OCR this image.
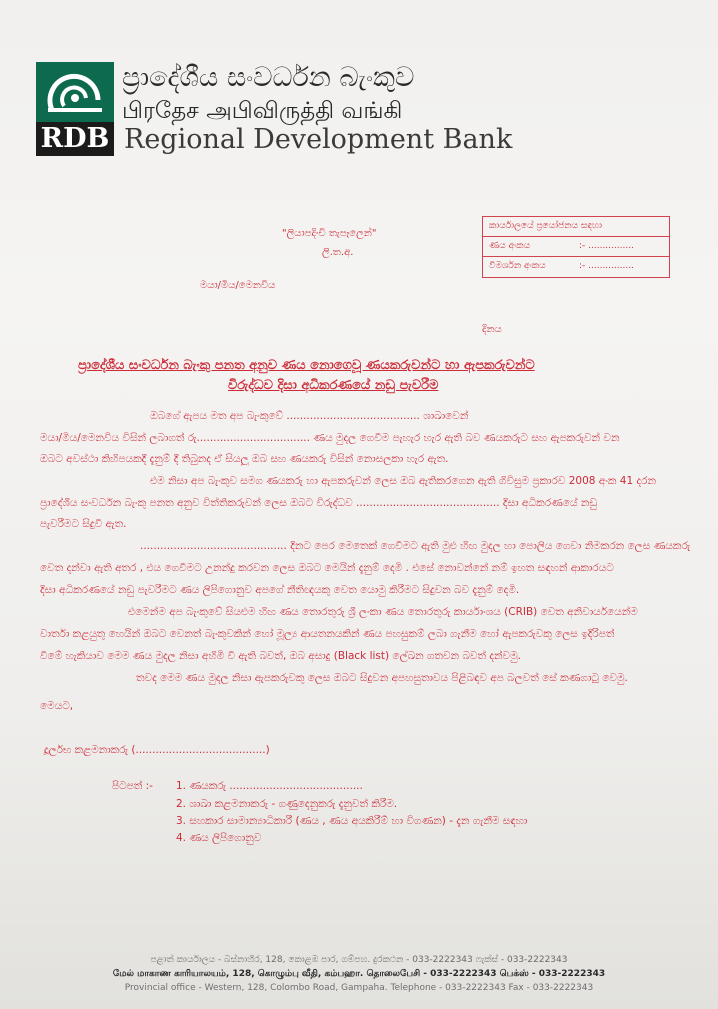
RDB
ප්‍රාදේශීය සංවර්ධන බැංකුව
பிரதேச அபிவிருத்தி வங்கி
Regional Development Bank
"ලියාපදිංචි තැපෑලෙන්"
ලි.ත.අ.
කාර්යාලයේ ප්‍රයෝජනය සඳහා
ණය අංකය	:- ................
විමර්ශන අංකය	:- ................
මයා/මිය/මෙනවිය
දිනය
ප්‍රාදේශීය සංවර්ධන බැංකු පනත අනුව ණය නොගෙවූ ණයකරුවන්ට හා ඇපකරුවන්ට
විරුද්ධව දිසා අධිකරණයේ නඩු පැවරීම
ඔබගේ ඇපය මත අප බැංකුවේ ........................................ ශාඛාවෙන්
මයා/මිය/මෙනවිය විසින් ලබාගත් රු.................................. ණය මුදල ගෙවීම පැහැර හැර ඇති බව ණයකරුට සහ ඇපකරුවන් වන
ඔබට අවස්ථා කිහිපයකදී දැනුම් දී තිබුනද ඒ සියලු ඔබ සහ ණයකරු විසින් නොසලකා හැර ඇත.
එම නිසා අප බැංකුව සමග ණයකරු හා ඇපකරුවන් ලෙස ඔබ ඇතිකරගෙන ඇති ගිවිසුම ප්‍රකාරව 2008 අංක 41 දරන
ප්‍රාදේශීය සංවර්ධන බැංකු පනත අනුව විත්තිකරුවන් ලෙස ඔබට විරුද්ධව ........................................... දිසා අධිකරණයේ නඩු
පැවරීමට සිදුවී ඇත.
............................................ දිනට පෙර මෙතෙක් ගෙවීමට ඇති මුළු හිඟ මුදල හා පොලිය ගෙවා නිමකරන ලෙස ණයකරු
වෙත දන්වා ඇති අතර , එය ගෙවීමට උනන්දු කරවන ලෙස ඔබට මෙයින් දැනුම් දෙමි . එසේ නොවන්නේ නම් ඉහත සඳහන් ආකාරයට
දිසා අධිකරණයේ නඩු පැවරීමට ණය ලිපිගොනුව අපගේ නීතිඥයකු වෙත යොමු කිරීමට සිදුවන බව දැනුම් දෙමි.
එමෙන්ම අප බැංකුවේ සියළුම හිඟ ණය තොරතුරු ශ්‍රී ලංකා ණය තොරතුරු කාර්යාංශය (CRIB) වෙත අනිවාර්යයෙන්ම
වාර්තා කළයුතු හෙයින් ඔබට වෙනත් බැංකුවකින් හෝ මූල්‍ය ආයතනයකින් ණය පහසුකම් ලබා ගැනීම හෝ ඇපකරුවකු ලෙස ඉදිරිපත්
වීමේ හැකියාව මෙම ණය මුදල නිසා අහිමි වී ඇති බවත්, ඔබ අසාදු (Black list) ලේඛන ගතවන බවත් දන්වමු.
තවද මෙම ණය මුදල නිසා ඇපකරුවකු ලෙස ඔබට සිදුවන අපහසුතාවය පිළිබඳව අප බලවත් සේ කණගාටු වෙමු.
මෙයට,
දූර්ලභ කළමනාකරු (.......................................)
පිටපත් :- 1. ණයකරු ........................................
2. ශාඛා කළමනාකරු - ගණුදෙනුකරු දැනුවත් කිරීම.
3. සහකාර සාමාන්‍යාධිකාරී (ණය , ණය අයකිරීම් හා විගණන) - දැන ගැනීම සඳහා
4. ණය ලිපිගොනුව
පළාත් කාර්යාලය - බස්නාහිර, 128, කොළඹ පාර, ගම්පහ. දුරකථන - 033-2222343 ෆැක්ස් - 033-2222343
மேல் மாகாண காரியாலயம், 128, கொழும்பு வீதி, கம்பஹா. தொலைபேசி - 033-2222343 பெக்ஸ் - 033-2222343
Provincial office - Western, 128, Colombo Road, Gampaha. Telephone - 033-2222343 Fax - 033-2222343
